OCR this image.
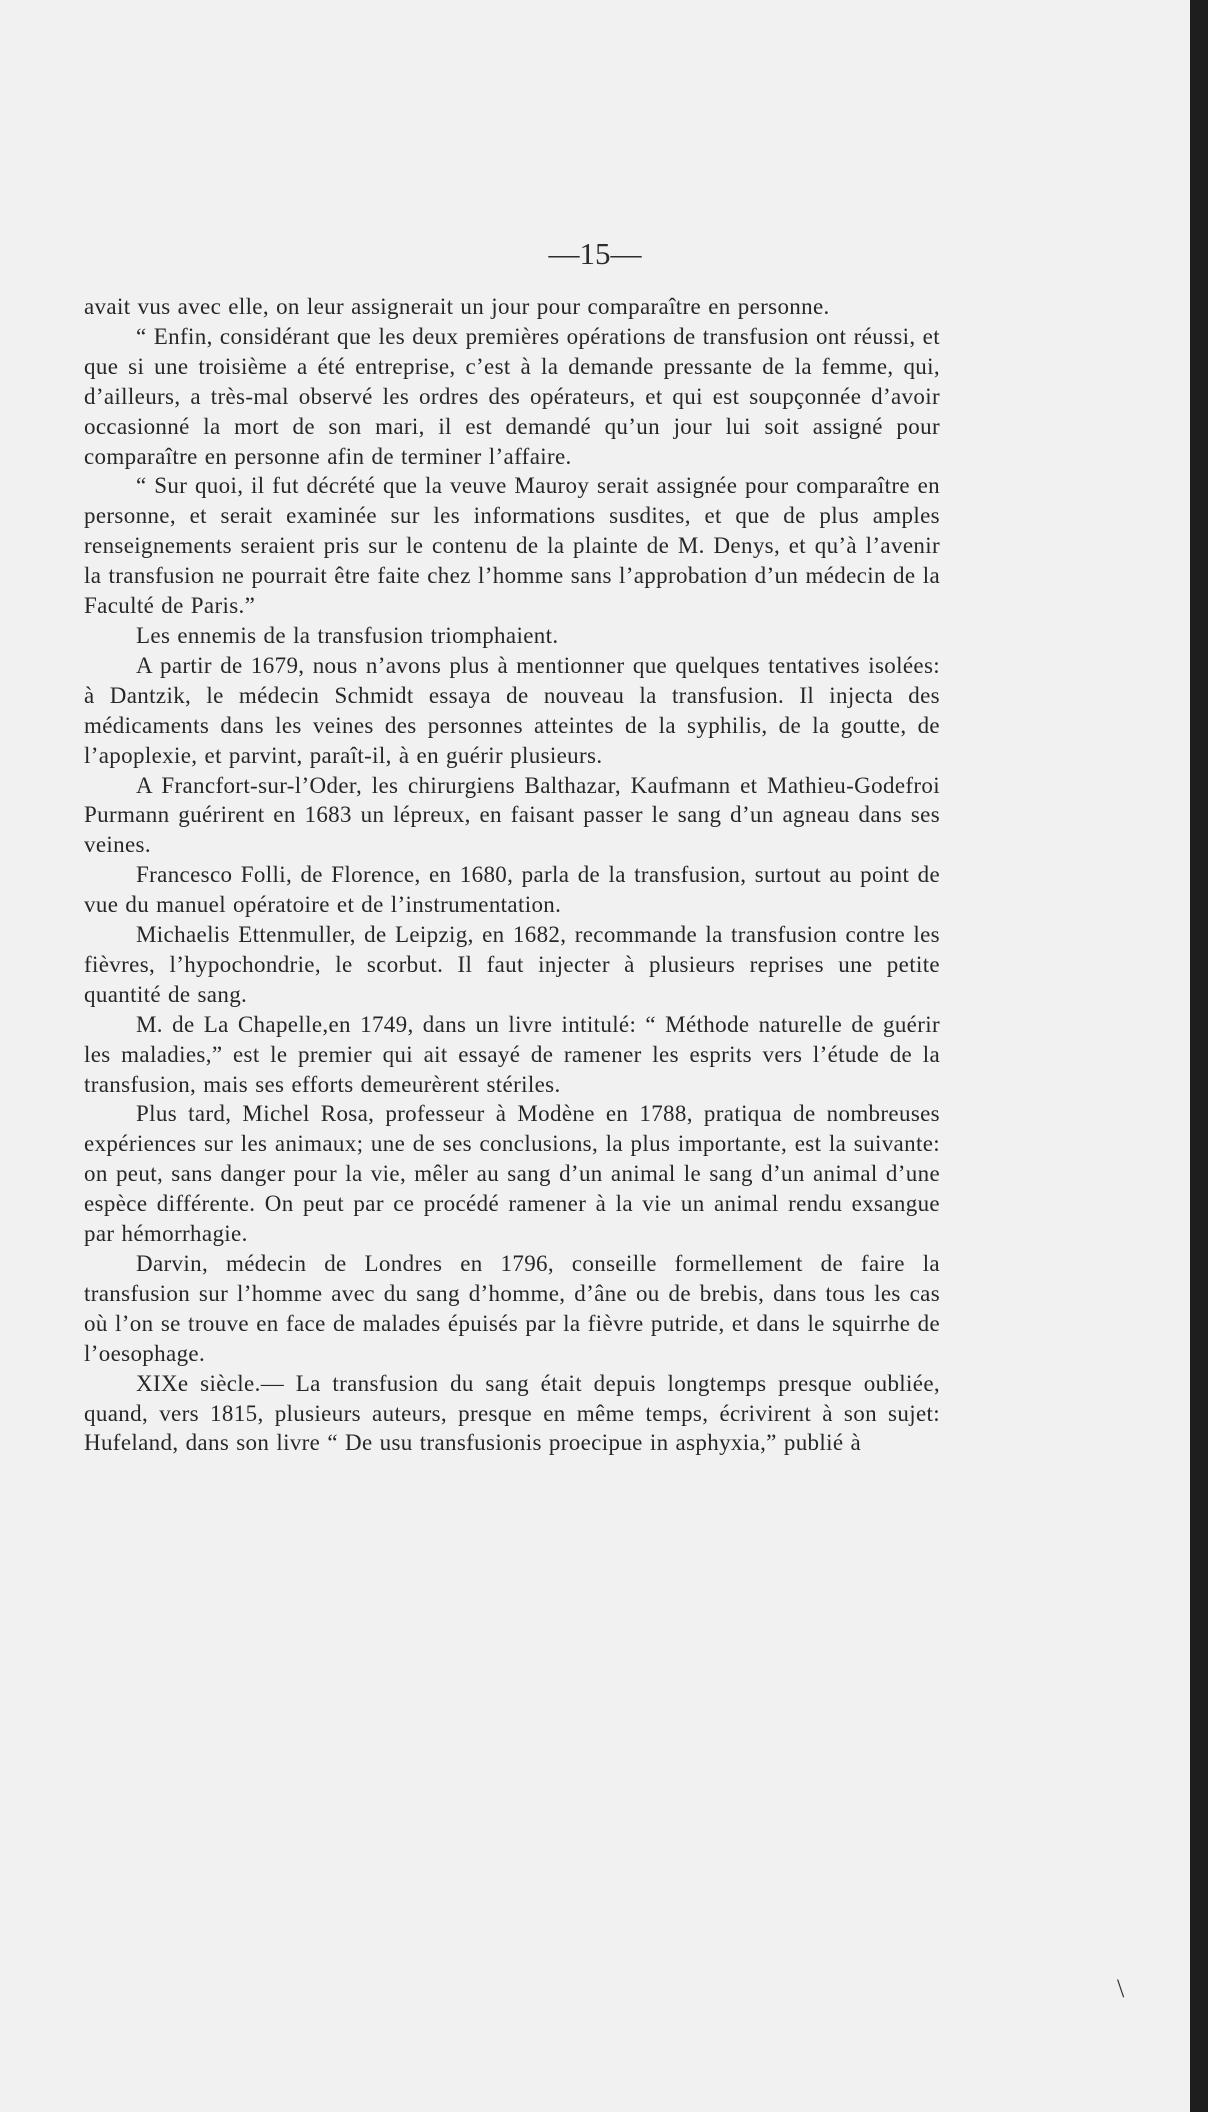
—15—

avait vus avec elle, on leur assignerait un jour pour comparaître en personne.

“ Enfin, considérant que les deux premières opérations de transfusion ont réussi, et que si une troisième a été entreprise, c’est à la demande pressante de la femme, qui, d’ailleurs, a très-mal observé les ordres des opérateurs, et qui est soupçonnée d’avoir occasionné la mort de son mari, il est demandé qu’un jour lui soit assigné pour comparaître en personne afin de terminer l’affaire.

“ Sur quoi, il fut décrété que la veuve Mauroy serait assignée pour comparaître en personne, et serait examinée sur les informations susdites, et que de plus amples renseignements seraient pris sur le contenu de la plainte de M. Denys, et qu’à l’avenir la transfusion ne pourrait être faite chez l’homme sans l’approbation d’un médecin de la Faculté de Paris.”

Les ennemis de la transfusion triomphaient.

A partir de 1679, nous n’avons plus à mentionner que quelques tentatives isolées: à Dantzik, le médecin Schmidt essaya de nouveau la transfusion. Il injecta des médicaments dans les veines des personnes atteintes de la syphilis, de la goutte, de l’apoplexie, et parvint, paraît-il, à en guérir plusieurs.

A Francfort-sur-l’Oder, les chirurgiens Balthazar, Kaufmann et Mathieu-Godefroi Purmann guérirent en 1683 un lépreux, en faisant passer le sang d’un agneau dans ses veines.

Francesco Folli, de Florence, en 1680, parla de la transfusion, surtout au point de vue du manuel opératoire et de l’instrumentation.

Michaelis Ettenmuller, de Leipzig, en 1682, recommande la transfusion contre les fièvres, l’hypochondrie, le scorbut. Il faut injecter à plusieurs reprises une petite quantité de sang.

M. de La Chapelle,en 1749, dans un livre intitulé: “ Méthode naturelle de guérir les maladies,” est le premier qui ait essayé de ramener les esprits vers l’étude de la transfusion, mais ses efforts demeurèrent stériles.

Plus tard, Michel Rosa, professeur à Modène en 1788, pratiqua de nombreuses expériences sur les animaux; une de ses conclusions, la plus importante, est la suivante: on peut, sans danger pour la vie, mêler au sang d’un animal le sang d’un animal d’une espèce différente. On peut par ce procédé ramener à la vie un animal rendu exsangue par hémorrhagie.

Darvin, médecin de Londres en 1796, conseille formellement de faire la transfusion sur l’homme avec du sang d’homme, d’âne ou de brebis, dans tous les cas où l’on se trouve en face de malades épuisés par la fièvre putride, et dans le squirrhe de l’oesophage.

XIXe siècle.— La transfusion du sang était depuis longtemps presque oubliée, quand, vers 1815, plusieurs auteurs, presque en même temps, écrivirent à son sujet: Hufeland, dans son livre “ De usu transfusionis proecipue in asphyxia,” publié à

\
